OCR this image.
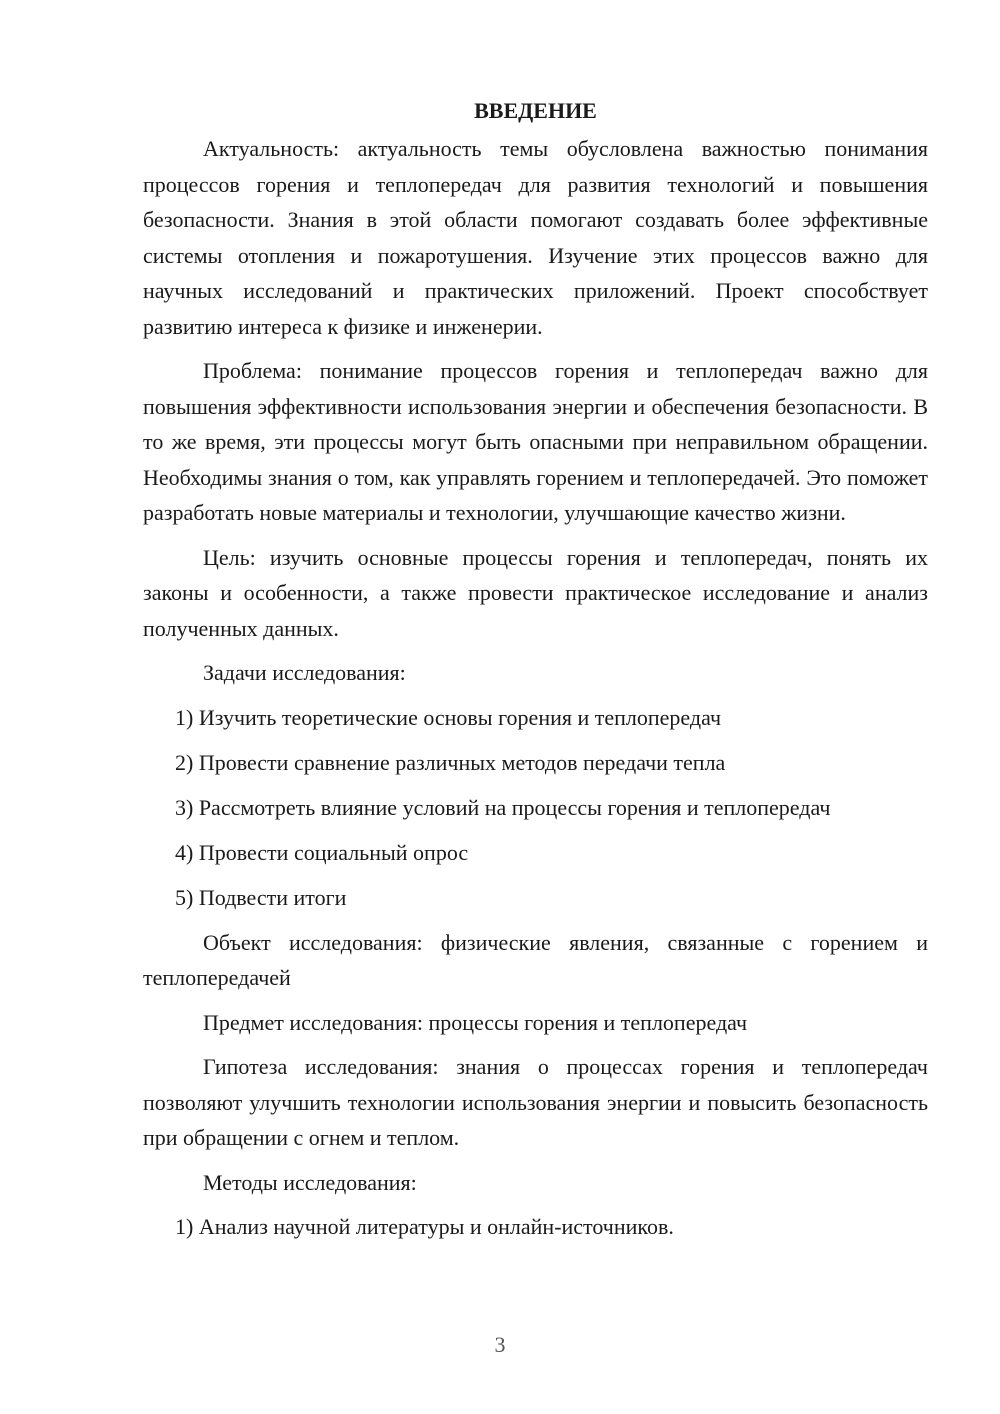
ВВЕДЕНИЕ

Актуальность: актуальность темы обусловлена важностью понимания процессов горения и теплопередач для развития технологий и повышения безопасности. Знания в этой области помогают создавать более эффективные системы отопления и пожаротушения. Изучение этих процессов важно для научных исследований и практических приложений. Проект способствует развитию интереса к физике и инженерии.

Проблема: понимание процессов горения и теплопередач важно для повышения эффективности использования энергии и обеспечения безопасности. В то же время, эти процессы могут быть опасными при неправильном обращении. Необходимы знания о том, как управлять горением и теплопередачей. Это поможет разработать новые материалы и технологии, улучшающие качество жизни.

Цель: изучить основные процессы горения и теплопередач, понять их законы и особенности, а также провести практическое исследование и анализ полученных данных.

Задачи исследования:

1) Изучить теоретические основы горения и теплопередач
2) Провести сравнение различных методов передачи тепла
3) Рассмотреть влияние условий на процессы горения и теплопередач
4) Провести социальный опрос
5) Подвести итоги

Объект исследования: физические явления, связанные с горением и теплопередачей

Предмет исследования: процессы горения и теплопередач

Гипотеза исследования: знания о процессах горения и теплопередач позволяют улучшить технологии использования энергии и повысить безопасность при обращении с огнем и теплом.

Методы исследования:

1) Анализ научной литературы и онлайн-источников.
3
